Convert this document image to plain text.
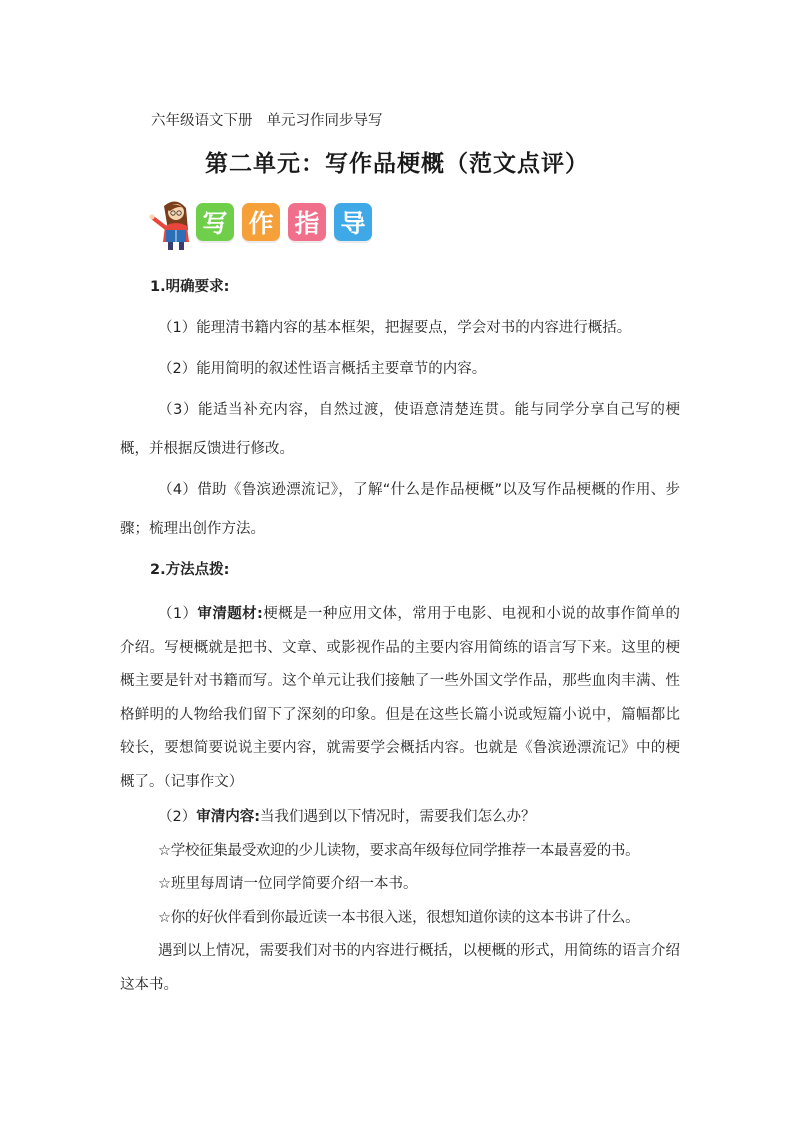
六年级语文下册 单元习作同步导写
第二单元：写作品梗概（范文点评）
写 作 指 导

1.明确要求:

（1）能理清书籍内容的基本框架，把握要点，学会对书的内容进行概括。

（2）能用简明的叙述性语言概括主要章节的内容。

（3）能适当补充内容，自然过渡，使语意清楚连贯。能与同学分享自己写的梗概，并根据反馈进行修改。

（4）借助《鲁滨逊漂流记》，了解“什么是作品梗概”以及写作品梗概的作用、步骤；梳理出创作方法。

2.方法点拨:

（1）审清题材:梗概是一种应用文体，常用于电影、电视和小说的故事作简单的介绍。写梗概就是把书、文章、或影视作品的主要内容用简练的语言写下来。这里的梗概主要是针对书籍而写。这个单元让我们接触了一些外国文学作品，那些血肉丰满、性格鲜明的人物给我们留下了深刻的印象。但是在这些长篇小说或短篇小说中，篇幅都比较长，要想简要说说主要内容，就需要学会概括内容。也就是《鲁滨逊漂流记》中的梗概了。（记事作文）

（2）审清内容:当我们遇到以下情况时，需要我们怎么办？

☆学校征集最受欢迎的少儿读物，要求高年级每位同学推荐一本最喜爱的书。

☆班里每周请一位同学简要介绍一本书。

☆你的好伙伴看到你最近读一本书很入迷，很想知道你读的这本书讲了什么。

遇到以上情况，需要我们对书的内容进行概括，以梗概的形式，用简练的语言介绍这本书。
